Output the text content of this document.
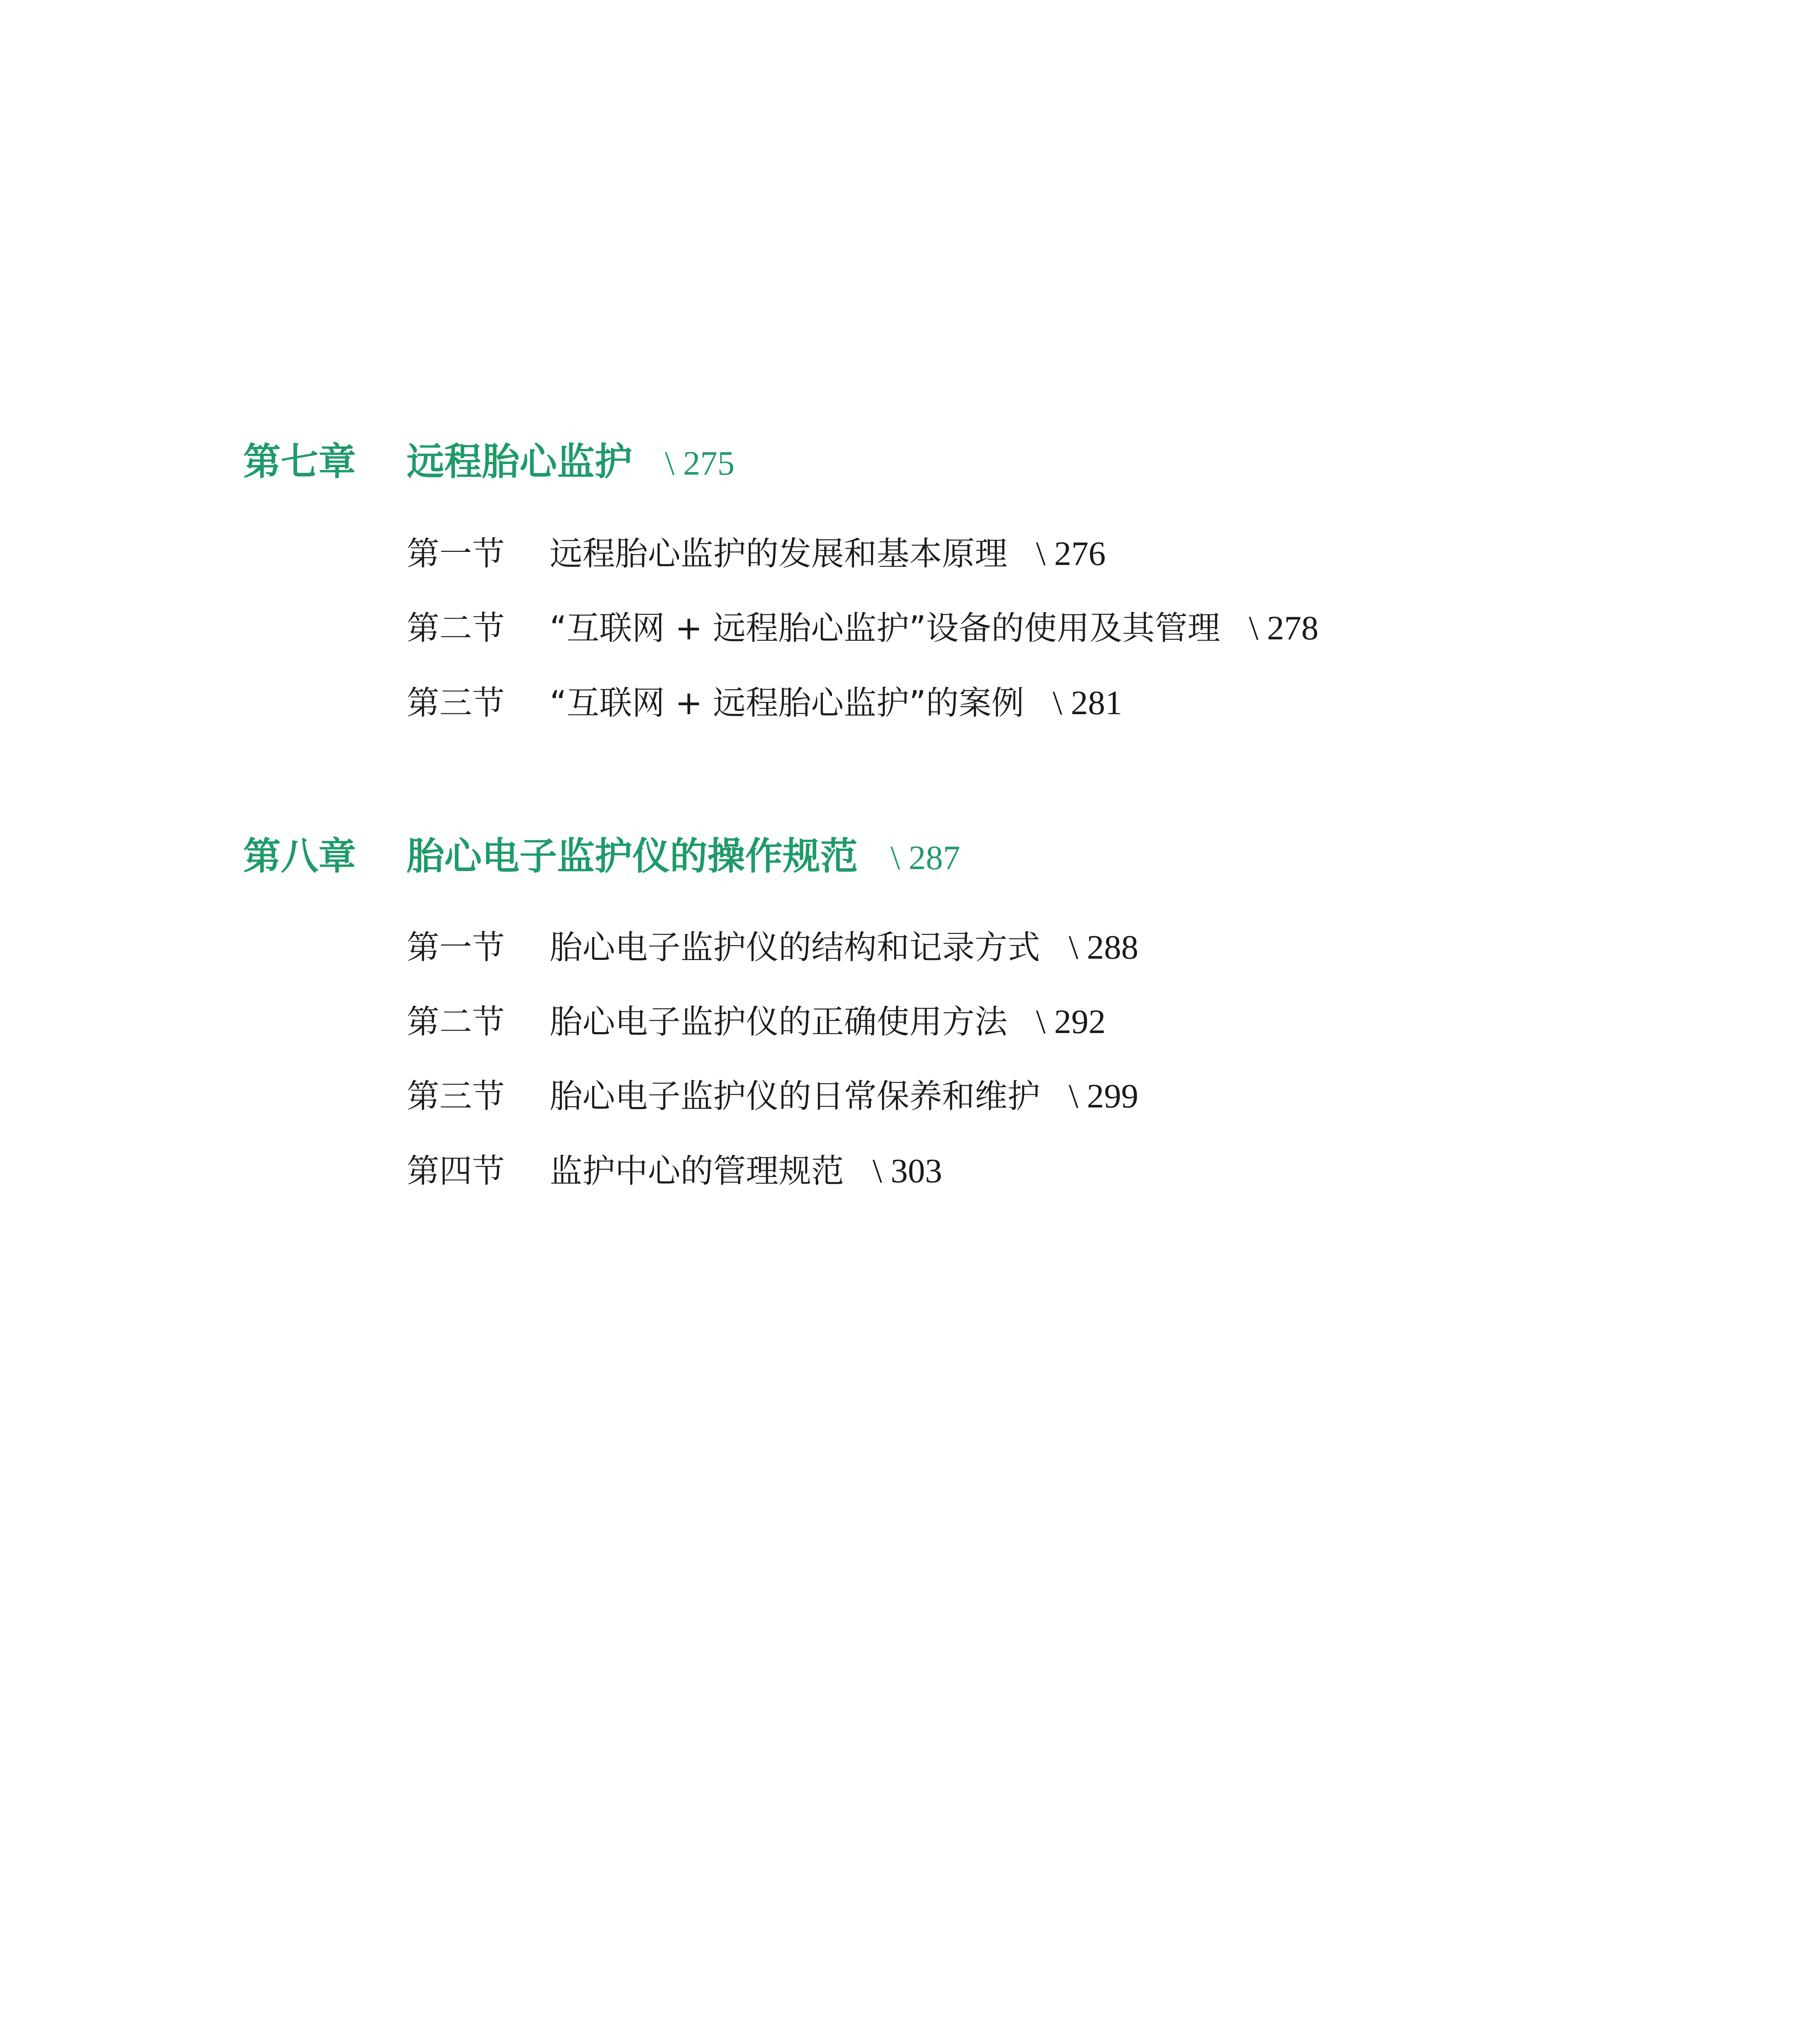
第七章 远程胎心监护 \ 275
第一节 远程胎心监护的发展和基本原理 \ 276
第二节 “互联网 + 远程胎心监护”设备的使用及其管理 \ 278
第三节 “互联网 + 远程胎心监护”的案例 \ 281
第八章 胎心电子监护仪的操作规范 \ 287
第一节 胎心电子监护仪的结构和记录方式 \ 288
第二节 胎心电子监护仪的正确使用方法 \ 292
第三节 胎心电子监护仪的日常保养和维护 \ 299
第四节 监护中心的管理规范 \ 303
